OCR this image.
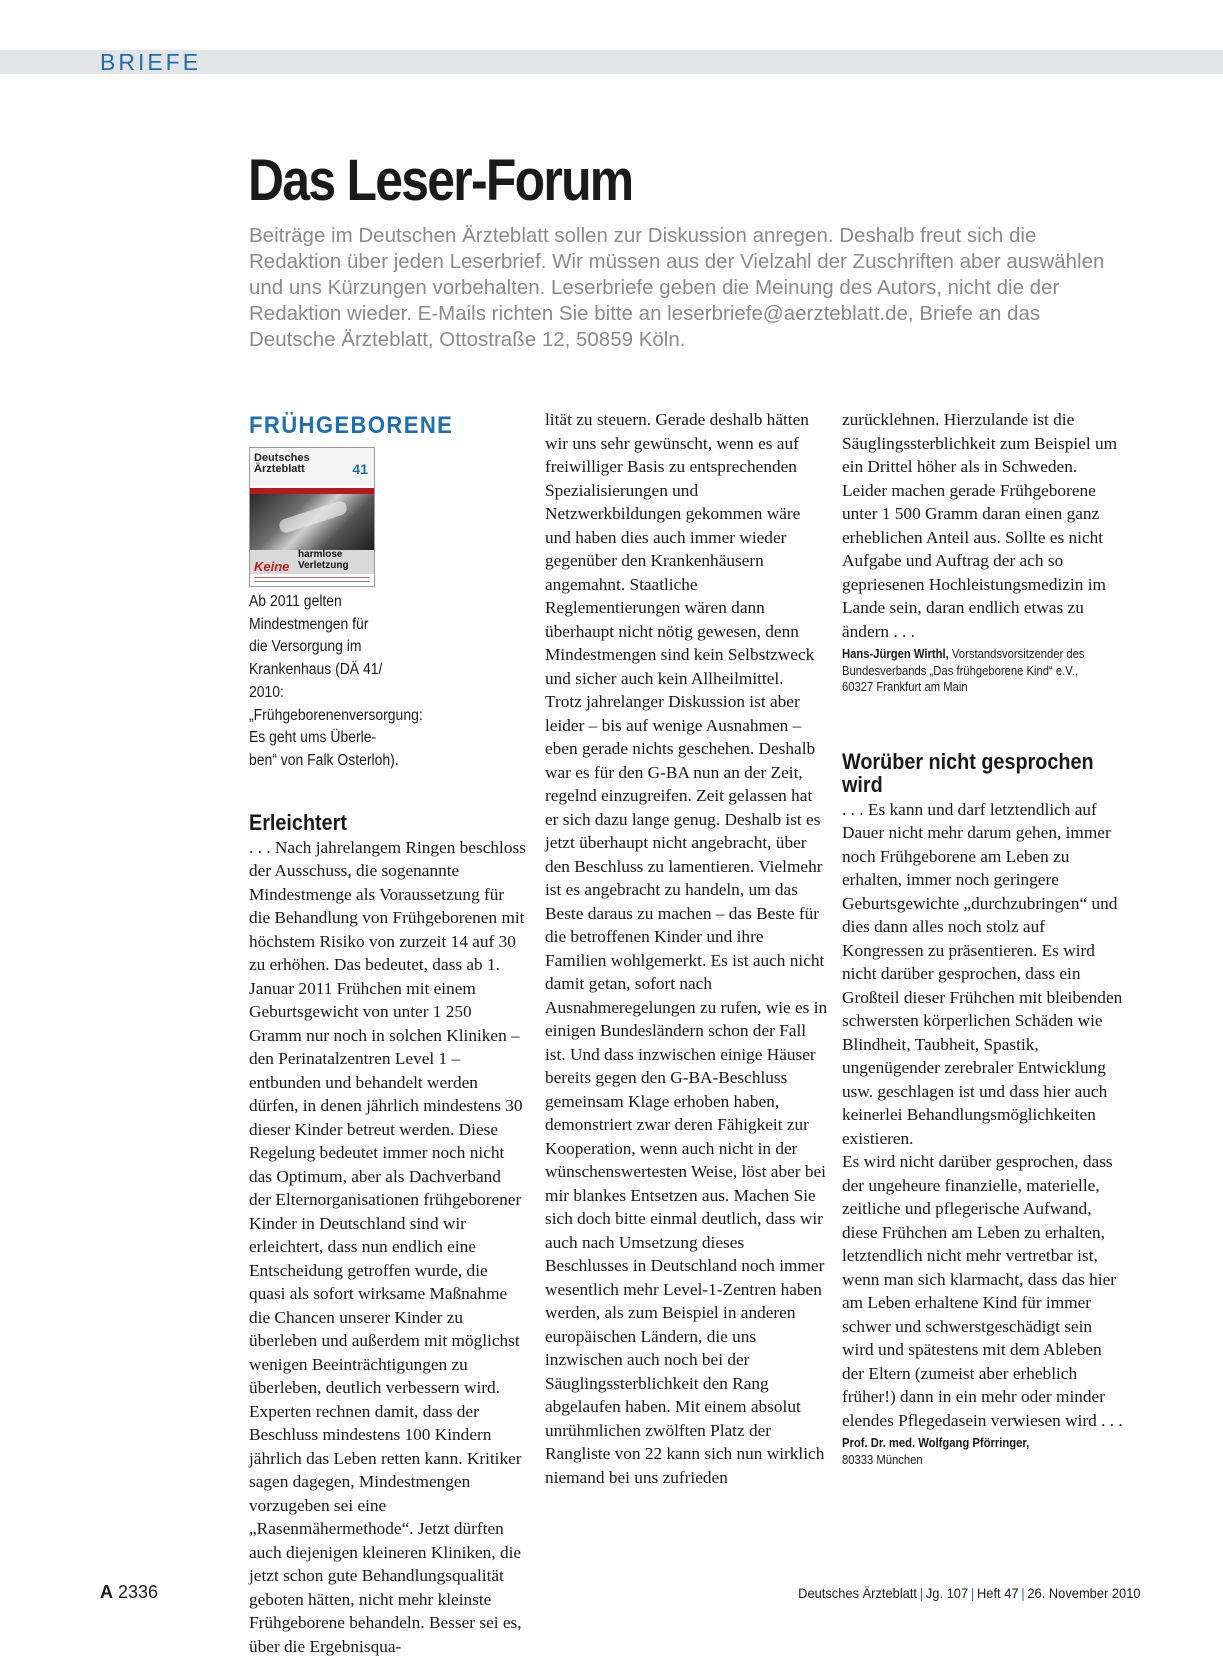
BRIEFE
Das Leser-Forum

Beiträge im Deutschen Ärzteblatt sollen zur Diskussion anregen. Deshalb freut sich die Redaktion über jeden Leserbrief. Wir müssen aus der Vielzahl der Zuschriften aber auswählen und uns Kürzungen vorbehalten. Leserbriefe geben die Meinung des Autors, nicht die der Redaktion wieder. E-Mails richten Sie bitte an leserbriefe@aerzteblatt.de, Briefe an das Deutsche Ärzteblatt, Ottostraße 12, 50859 Köln.

FRÜHGEBORENE
Deutsches Ärzteblatt	41
harmlose Verletzung
Keine
Ab 2011 gelten Mindestmengen für die Versorgung im Krankenhaus (DÄ 41/ 2010: „Frühgeborenenversorgung: Es geht ums Überle-
ben“ von Falk Osterloh).
Erleichtert

. . . Nach jahrelangem Ringen beschloss der Ausschuss, die sogenannte Mindestmenge als Voraussetzung für die Behandlung von Frühgeborenen mit höchstem Risiko von zurzeit 14 auf 30 zu erhöhen. Das bedeutet, dass ab 1. Januar 2011 Frühchen mit einem Geburtsgewicht von unter 1 250 Gramm nur noch in solchen Kliniken – den Perinatalzentren Level 1 – entbunden und behandelt werden dürfen, in denen jährlich mindestens 30 dieser Kinder betreut werden. Diese Regelung bedeutet immer noch nicht das Optimum, aber als Dachverband der Elternorganisationen frühgeborener Kinder in Deutschland sind wir erleichtert, dass nun endlich eine Entscheidung getroffen wurde, die quasi als sofort wirksame Maßnahme die Chancen unserer Kinder zu überleben und außerdem mit möglichst wenigen Beeinträchtigungen zu überleben, deutlich verbessern wird.

Experten rechnen damit, dass der Beschluss mindestens 100 Kindern jährlich das Leben retten kann. Kritiker sagen dagegen, Mindestmengen vorzugeben sei eine „Rasenmähermethode“. Jetzt dürften auch diejenigen kleineren Kliniken, die jetzt schon gute Behandlungsqualität geboten hätten, nicht mehr kleinste Frühgeborene behandeln. Besser sei es, über die Ergebnisqua-

lität zu steuern. Gerade deshalb hätten wir uns sehr gewünscht, wenn es auf freiwilliger Basis zu entsprechenden Spezialisierungen und Netzwerkbildungen gekommen wäre und haben dies auch immer wieder gegenüber den Krankenhäusern angemahnt. Staatliche Reglementierungen wären dann überhaupt nicht nötig gewesen, denn Mindestmengen sind kein Selbstzweck und sicher auch kein Allheilmittel.

Trotz jahrelanger Diskussion ist aber leider – bis auf wenige Ausnahmen – eben gerade nichts geschehen. Deshalb war es für den G-BA nun an der Zeit, regelnd einzugreifen. Zeit gelassen hat er sich dazu lange genug. Deshalb ist es jetzt überhaupt nicht angebracht, über den Beschluss zu lamentieren. Vielmehr ist es angebracht zu handeln, um das Beste daraus zu machen – das Beste für die betroffenen Kinder und ihre Familien wohlgemerkt. Es ist auch nicht damit getan, sofort nach Ausnahmeregelungen zu rufen, wie es in einigen Bundesländern schon der Fall ist. Und dass inzwischen einige Häuser bereits gegen den G-BA-Beschluss gemeinsam Klage erhoben haben, demonstriert zwar deren Fähigkeit zur Kooperation, wenn auch nicht in der wünschenswertesten Weise, löst aber bei mir blankes Entsetzen aus. Machen Sie sich doch bitte einmal deutlich, dass wir auch nach Umsetzung dieses Beschlusses in Deutschland noch immer wesentlich mehr Level-1-Zentren haben werden, als zum Beispiel in anderen europäischen Ländern, die uns inzwischen auch noch bei der Säuglingssterblichkeit den Rang abgelaufen haben. Mit einem absolut unrühmlichen zwölften Platz der Rangliste von 22 kann sich nun wirklich niemand bei uns zufrieden

zurücklehnen. Hierzulande ist die Säuglingssterblichkeit zum Beispiel um ein Drittel höher als in Schweden. Leider machen gerade Frühgeborene unter 1 500 Gramm daran einen ganz erheblichen Anteil aus. Sollte es nicht Aufgabe und Auftrag der ach so gepriesenen Hochleistungsmedizin im Lande sein, daran endlich etwas zu ändern . . .

Hans-Jürgen Wirthl, Vorstandsvorsitzender des Bundesverbands „Das frühgeborene Kind“ e.V., 60327 Frankfurt am Main
Worüber nicht gesprochen wird

. . . Es kann und darf letztendlich auf Dauer nicht mehr darum gehen, immer noch Frühgeborene am Leben zu erhalten, immer noch geringere Geburtsgewichte „durchzubringen“ und dies dann alles noch stolz auf Kongressen zu präsentieren. Es wird nicht darüber gesprochen, dass ein Großteil dieser Frühchen mit bleibenden schwersten körperlichen Schäden wie Blindheit, Taubheit, Spastik, ungenügender zerebraler Entwicklung usw. geschlagen ist und dass hier auch keinerlei Behandlungsmöglichkeiten existieren.

Es wird nicht darüber gesprochen, dass der ungeheure finanzielle, materielle, zeitliche und pflegerische Aufwand, diese Frühchen am Leben zu erhalten, letztendlich nicht mehr vertretbar ist, wenn man sich klarmacht, dass das hier am Leben erhaltene Kind für immer schwer und schwerstgeschädigt sein wird und spätestens mit dem Ableben der Eltern (zumeist aber erheblich früher!) dann in ein mehr oder minder elendes Pflegedasein verwiesen wird . . .

Prof. Dr. med. Wolfgang Pförringer,
80333 München
A 2336	Deutsches Ärzteblatt | Jg. 107 | Heft 47 | 26. November 2010
